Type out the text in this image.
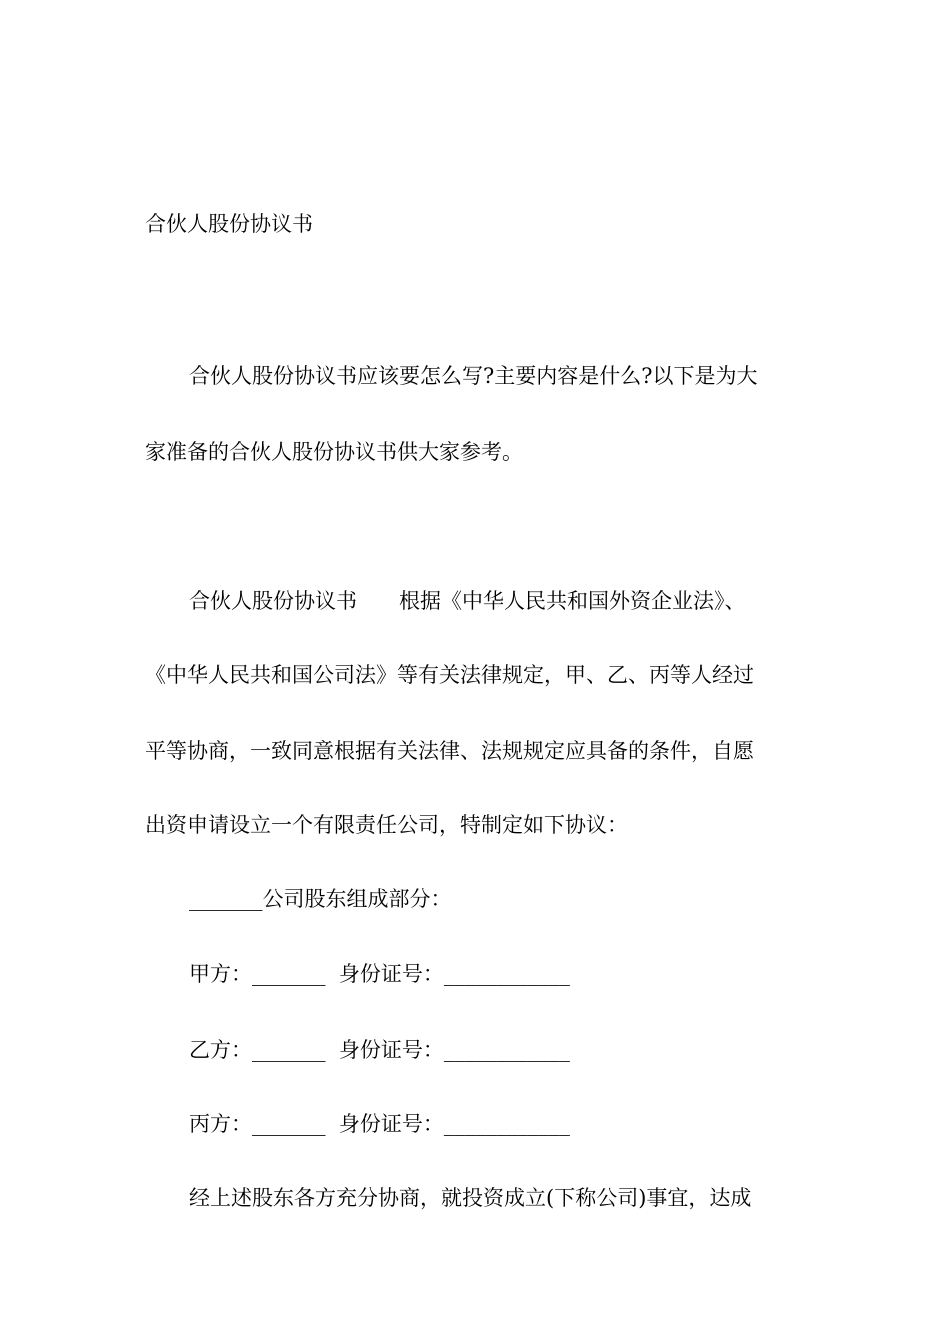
合伙人股份协议书
合伙人股份协议书应该要怎么写?主要内容是什么?以下是为大
家准备的合伙人股份协议书供大家参考。
合伙人股份协议书　　根据《中华人民共和国外资企业法》、
《中华人民共和国公司法》等有关法律规定，甲、乙、丙等人经过
平等协商，一致同意根据有关法律、法规规定应具备的条件，自愿
出资申请设立一个有限责任公司，特制定如下协议：
_______公司股东组成部分：
甲方：_______  身份证号：____________
乙方：_______  身份证号：____________
丙方：_______  身份证号：____________
经上述股东各方充分协商，就投资成立(下称公司)事宜，达成
